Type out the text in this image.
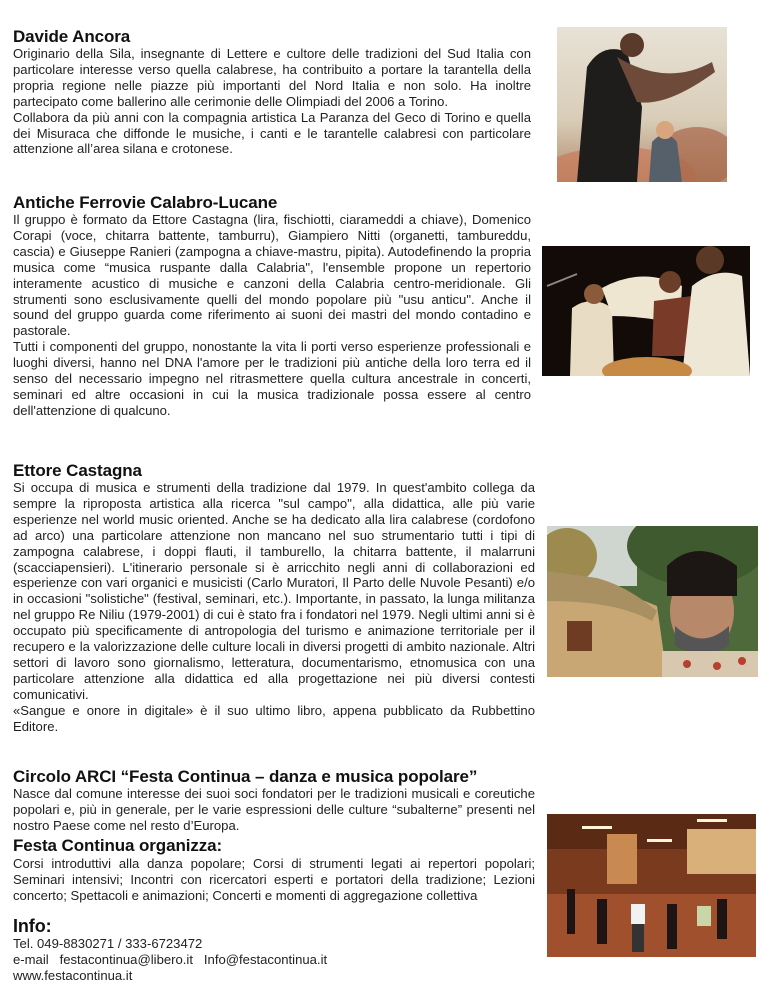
Davide Ancora

Originario della Sila, insegnante di Lettere e cultore delle tradizioni del Sud Italia con particolare interesse verso quella calabrese, ha contribuito a portare la tarantella della propria regione nelle piazze più importanti del Nord Italia e non solo. Ha inoltre partecipato come ballerino alle cerimonie delle Olimpiadi del 2006 a Torino.

Collabora da più anni con la compagnia artistica La Paranza del Geco di Torino e quella dei Misuraca che diffonde le musiche, i canti e le tarantelle calabresi con particolare attenzione all’area silana e crotonese.

Antiche Ferrovie Calabro-Lucane

Il gruppo è formato da Ettore Castagna (lira, fischiotti, ciarameddi a chiave), Domenico Corapi (voce, chitarra battente, tamburru), Giampiero Nitti (organetti, tambureddu, cascia) e Giuseppe Ranieri (zampogna a chiave-mastru, pipita). Autodefinendo la propria musica come “musica ruspante dalla Calabria", l'ensemble propone un repertorio interamente acustico di musiche e canzoni della Calabria centro-meridionale. Gli strumenti sono esclusivamente quelli del mondo popolare più "usu anticu". Anche il sound del gruppo guarda come riferimento ai suoni dei mastri del mondo contadino e pastorale.

Tutti i componenti del gruppo, nonostante la vita li porti verso esperienze professionali e luoghi diversi, hanno nel DNA l'amore per le tradizioni più antiche della loro terra ed il senso del necessario impegno nel ritrasmettere quella cultura ancestrale in concerti, seminari ed altre occasioni in cui la musica tradizionale possa essere al centro dell'attenzione di qualcuno.

Ettore Castagna

Si occupa di musica e strumenti della tradizione dal 1979. In quest'ambito collega da sempre la riproposta artistica alla ricerca "sul campo", alla didattica, alle più varie esperienze nel world music oriented. Anche se ha dedicato alla lira calabrese (cordofono ad arco) una particolare attenzione non mancano nel suo strumentario tutti i tipi di zampogna calabrese, i doppi flauti, il tamburello, la chitarra battente, il malarruni (scacciapensieri). L'itinerario personale si è arricchito negli anni di collaborazioni ed esperienze con vari organici e musicisti (Carlo Muratori, Il Parto delle Nuvole Pesanti) e/o in occasioni "solistiche" (festival, seminari, etc.). Importante, in passato, la lunga militanza nel gruppo Re Niliu (1979-2001) di cui è stato fra i fondatori nel 1979. Negli ultimi anni si è occupato più specificamente di antropologia del turismo e animazione territoriale per il recupero e la valorizzazione delle culture locali in diversi progetti di ambito nazionale. Altri settori di lavoro sono giornalismo, letteratura, documentarismo, etnomusica con una particolare attenzione alla didattica ed alla progettazione nei più diversi contesti comunicativi.

«Sangue e onore in digitale» è il suo ultimo libro, appena pubblicato da Rubbettino Editore.

Circolo ARCI “Festa Continua – danza e musica popolare”

Nasce dal comune interesse dei suoi soci fondatori per le tradizioni musicali e coreutiche popolari e, più in generale, per le varie espressioni delle culture “subalterne” presenti nel nostro Paese come nel resto d’Europa.

Festa Continua organizza:

Corsi introduttivi alla danza popolare; Corsi di strumenti legati ai repertori popolari; Seminari intensivi; Incontri con ricercatori esperti e portatori della tradizione; Lezioni concerto; Spettacoli e animazioni; Concerti e momenti di aggregazione collettiva

Info:

Tel. 049-8830271 / 333-6723472

e-mail festacontinua@libero.it Info@festacontinua.it

www.festacontinua.it
